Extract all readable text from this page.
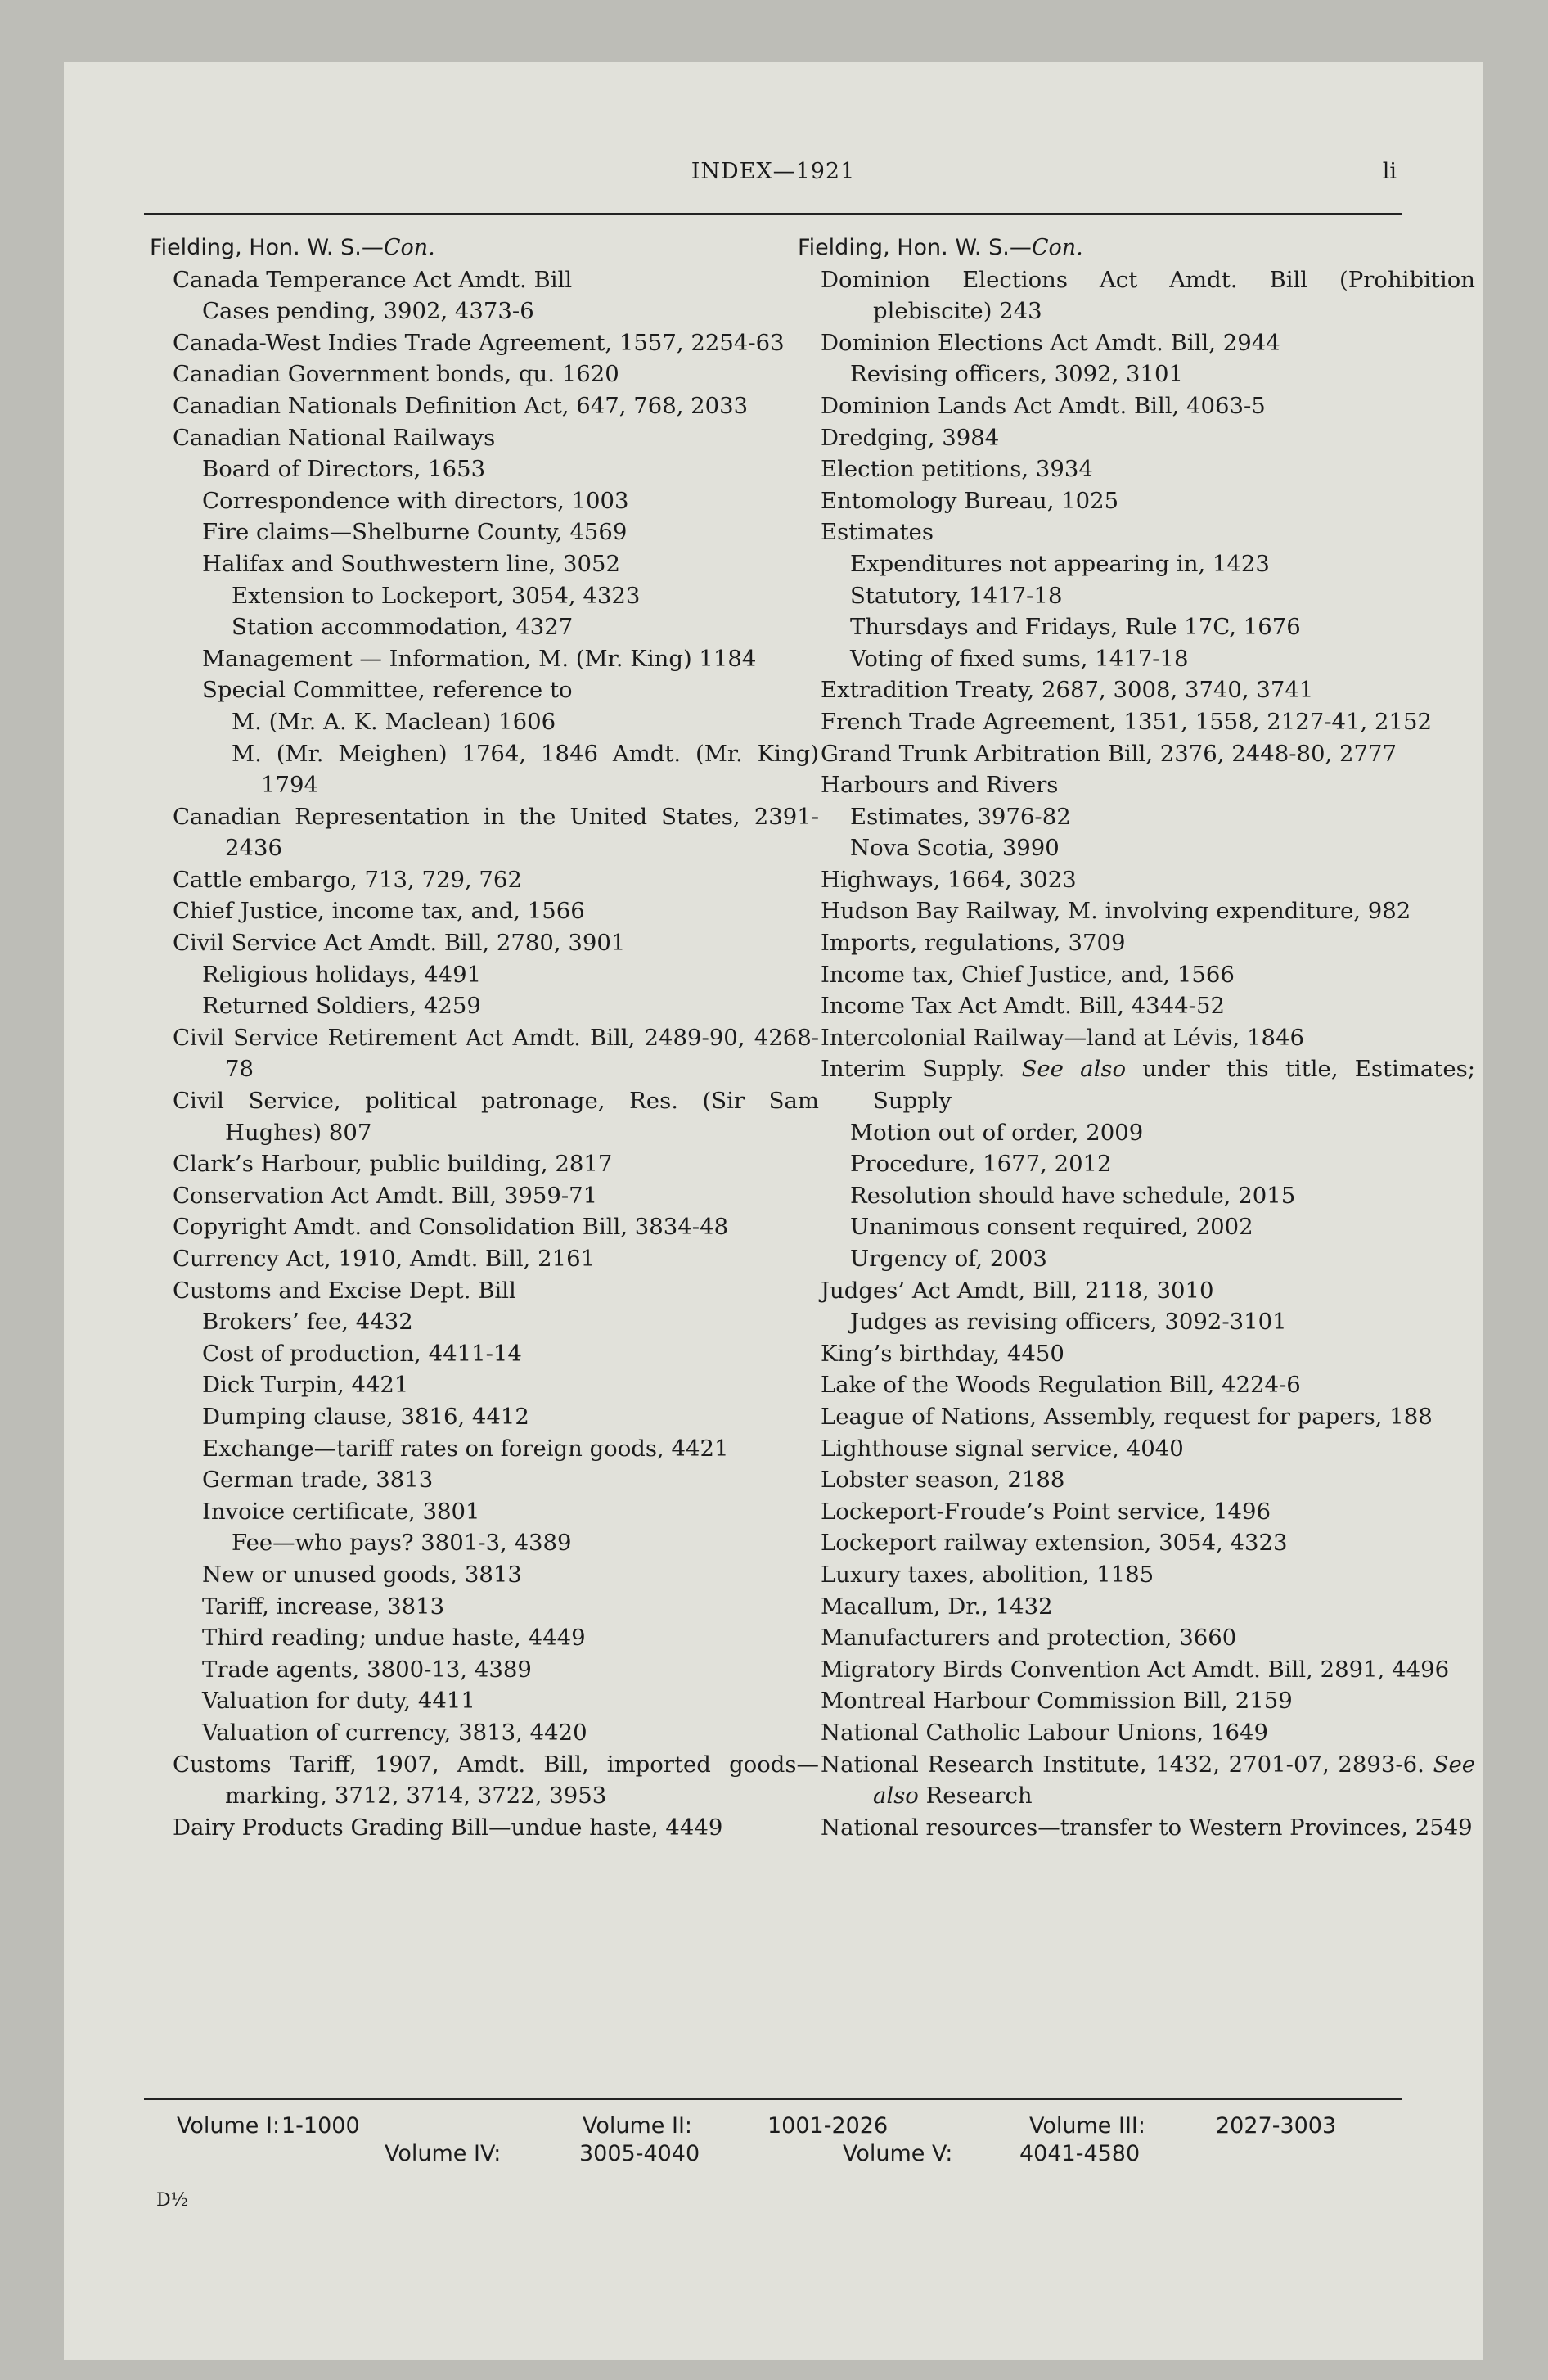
INDEX—1921	li
Fielding, Hon. W. S.—Con.
Canada Temperance Act Amdt. Bill
Cases pending, 3902, 4373-6
Canada-West Indies Trade Agreement, 1557, 2254-63
Canadian Government bonds, qu. 1620
Canadian Nationals Definition Act, 647, 768, 2033
Canadian National Railways
Board of Directors, 1653
Correspondence with directors, 1003
Fire claims—Shelburne County, 4569
Halifax and Southwestern line, 3052
Extension to Lockeport, 3054, 4323
Station accommodation, 4327
Management — Information, M. (Mr. King) 1184
Special Committee, reference to
M. (Mr. A. K. Maclean) 1606
M. (Mr. Meighen) 1764, 1846 Amdt. (Mr. King) 1794
Canadian Representation in the United States, 2391-2436
Cattle embargo, 713, 729, 762
Chief Justice, income tax, and, 1566
Civil Service Act Amdt. Bill, 2780, 3901
Religious holidays, 4491
Returned Soldiers, 4259
Civil Service Retirement Act Amdt. Bill, 2489-90, 4268-78
Civil Service, political patronage, Res. (Sir Sam Hughes) 807
Clark’s Harbour, public building, 2817
Conservation Act Amdt. Bill, 3959-71
Copyright Amdt. and Consolidation Bill, 3834-48
Currency Act, 1910, Amdt. Bill, 2161
Customs and Excise Dept. Bill
Brokers’ fee, 4432
Cost of production, 4411-14
Dick Turpin, 4421
Dumping clause, 3816, 4412
Exchange—tariff rates on foreign goods, 4421
German trade, 3813
Invoice certificate, 3801
Fee—who pays? 3801-3, 4389
New or unused goods, 3813
Tariff, increase, 3813
Third reading; undue haste, 4449
Trade agents, 3800-13, 4389
Valuation for duty, 4411
Valuation of currency, 3813, 4420
Customs Tariff, 1907, Amdt. Bill, imported goods—marking, 3712, 3714, 3722, 3953
Dairy Products Grading Bill—undue haste, 4449
Fielding, Hon. W. S.—Con.
Dominion Elections Act Amdt. Bill (Prohibition plebiscite) 243
Dominion Elections Act Amdt. Bill, 2944
Revising officers, 3092, 3101
Dominion Lands Act Amdt. Bill, 4063-5
Dredging, 3984
Election petitions, 3934
Entomology Bureau, 1025
Estimates
Expenditures not appearing in, 1423
Statutory, 1417-18
Thursdays and Fridays, Rule 17C, 1676
Voting of fixed sums, 1417-18
Extradition Treaty, 2687, 3008, 3740, 3741
French Trade Agreement, 1351, 1558, 2127-41, 2152
Grand Trunk Arbitration Bill, 2376, 2448-80, 2777
Harbours and Rivers
Estimates, 3976-82
Nova Scotia, 3990
Highways, 1664, 3023
Hudson Bay Railway, M. involving expenditure, 982
Imports, regulations, 3709
Income tax, Chief Justice, and, 1566
Income Tax Act Amdt. Bill, 4344-52
Intercolonial Railway—land at Lévis, 1846
Interim Supply. See also under this title, Estimates; Supply
Motion out of order, 2009
Procedure, 1677, 2012
Resolution should have schedule, 2015
Unanimous consent required, 2002
Urgency of, 2003
Judges’ Act Amdt, Bill, 2118, 3010
Judges as revising officers, 3092-3101
King’s birthday, 4450
Lake of the Woods Regulation Bill, 4224-6
League of Nations, Assembly, request for papers, 188
Lighthouse signal service, 4040
Lobster season, 2188
Lockeport-Froude’s Point service, 1496
Lockeport railway extension, 3054, 4323
Luxury taxes, abolition, 1185
Macallum, Dr., 1432
Manufacturers and protection, 3660
Migratory Birds Convention Act Amdt. Bill, 2891, 4496
Montreal Harbour Commission Bill, 2159
National Catholic Labour Unions, 1649
National Research Institute, 1432, 2701-07, 2893-6. See also Research
National resources—transfer to Western Provinces, 2549
Volume I: 1-1000	Volume II:	1001-2026	Volume III:	2027-3003
Volume IV:	3005-4040	Volume V:	4041-4580
D½
